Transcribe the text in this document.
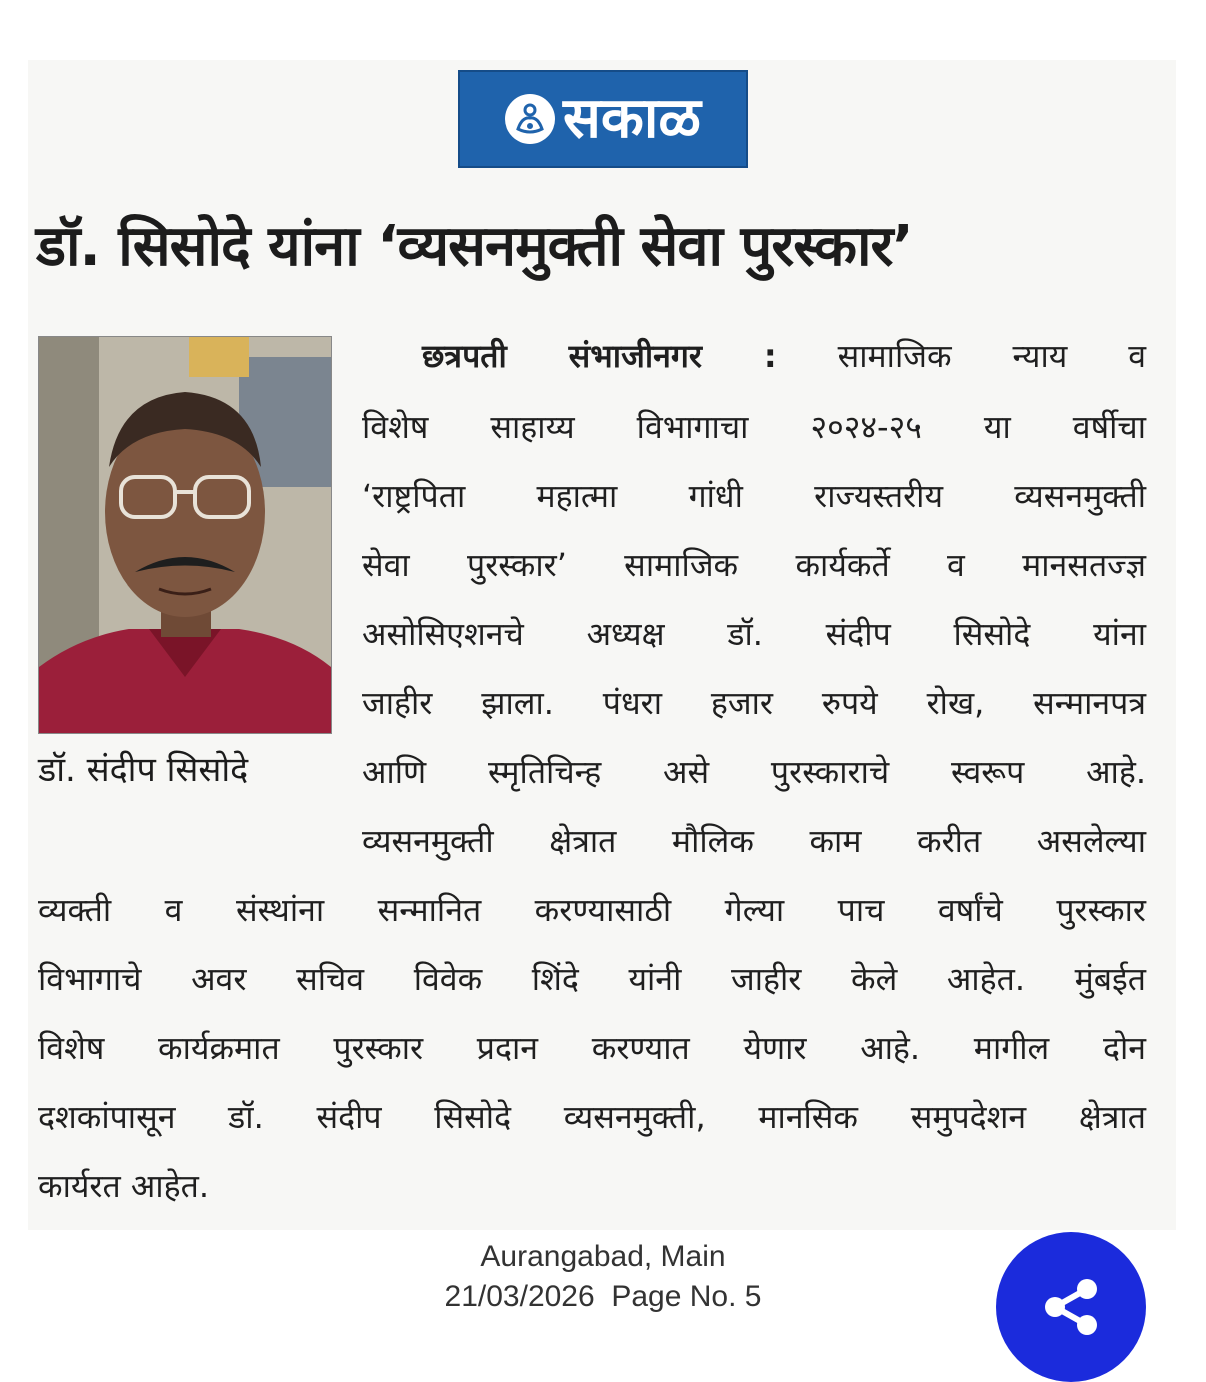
सकाळ
डॉ. सिसोदे यांना ‘व्यसनमुक्ती सेवा पुरस्कार’

डॉ. संदीप सिसोदे

छत्रपती संभाजीनगर : सामाजिक न्याय व

विशेष साहाय्य विभागाचा २०२४-२५ या वर्षीचा

‘राष्ट्रपिता महात्मा गांधी राज्यस्तरीय व्यसनमुक्ती

सेवा पुरस्कार’ सामाजिक कार्यकर्ते व मानसतज्ज्ञ

असोसिएशनचे अध्यक्ष डॉ. संदीप सिसोदे यांना

जाहीर झाला. पंधरा हजार रुपये रोख, सन्मानपत्र

आणि स्मृतिचिन्ह असे पुरस्काराचे स्वरूप आहे.

व्यसनमुक्ती क्षेत्रात मौलिक काम करीत असलेल्या

व्यक्ती व संस्थांना सन्मानित करण्यासाठी गेल्या पाच वर्षांचे पुरस्कार

विभागाचे अवर सचिव विवेक शिंदे यांनी जाहीर केले आहेत. मुंबईत

विशेष कार्यक्रमात पुरस्कार प्रदान करण्यात येणार आहे. मागील दोन

दशकांपासून डॉ. संदीप सिसोदे व्यसनमुक्ती, मानसिक समुपदेशन क्षेत्रात

कार्यरत आहेत.

Aurangabad, Main

21/03/2026  Page No. 5
